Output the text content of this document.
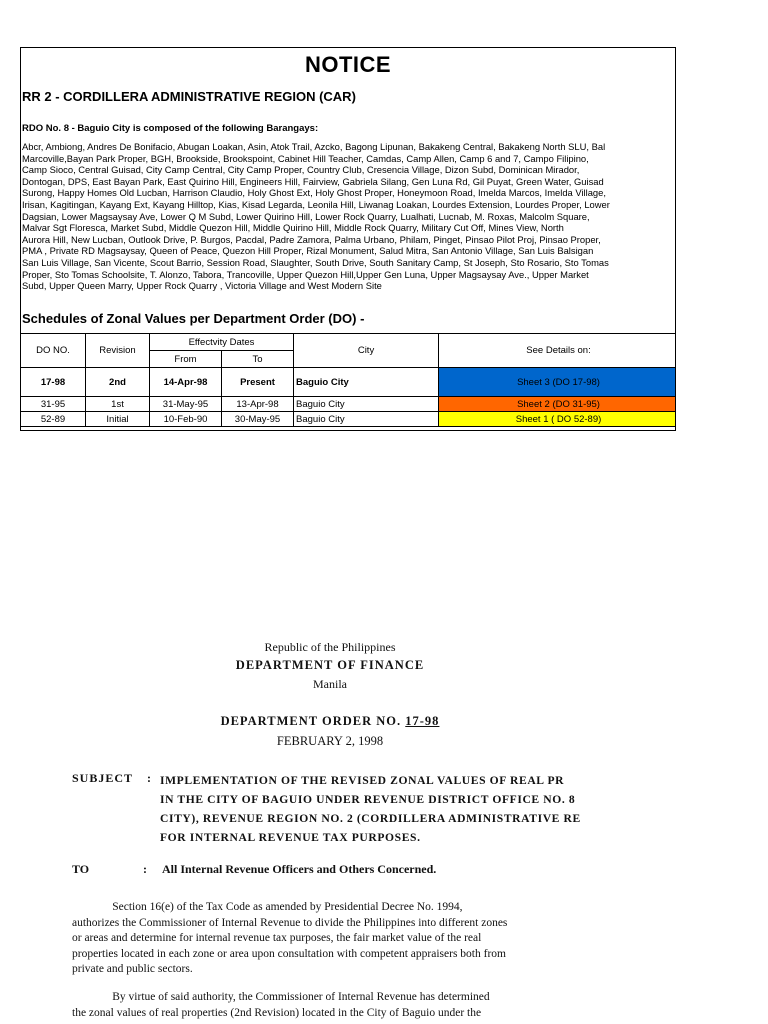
NOTICE
RR 2 - CORDILLERA ADMINISTRATIVE REGION (CAR)
RDO No. 8 - Baguio City is composed of the following Barangays:
Abcr, Ambiong, Andres De Bonifacio, Abugan Loakan, Asin, Atok Trail, Azcko, Bagong Lipunan, Bakakeng Central, Bakakeng North SLU, Bal
Marcoville,Bayan Park Proper, BGH, Brookside, Brookspoint, Cabinet Hill Teacher, Camdas, Camp Allen, Camp 6 and 7, Campo Filipino,
Camp Sioco, Central Guisad, City Camp Central, City Camp Proper, Country Club, Cresencia Village, Dizon Subd, Dominican Mirador,
Dontogan, DPS, East Bayan Park, East Quirino Hill, Engineers Hill, Fairview, Gabriela Silang, Gen Luna Rd, Gil Puyat, Green Water, Guisad
Surong, Happy Homes Old Lucban, Harrison Claudio, Holy Ghost Ext, Holy Ghost Proper, Honeymoon Road, Imelda Marcos, Imelda Village,
Irisan, Kagitingan, Kayang Ext, Kayang Hilltop, Kias, Kisad Legarda, Leonila Hill, Liwanag Loakan, Lourdes Extension, Lourdes Proper, Lower
Dagsian, Lower Magsaysay Ave, Lower Q M Subd, Lower Quirino Hill, Lower Rock Quarry, Lualhati, Lucnab, M. Roxas, Malcolm Square,
Malvar Sgt Floresca, Market Subd, Middle Quezon Hill, Middle Quirino Hill, Middle Rock Quarry, Military Cut Off, Mines View, North
Aurora Hill, New Lucban, Outlook Drive, P. Burgos, Pacdal, Padre Zamora, Palma Urbano, Philam, Pinget, Pinsao Pilot Proj, Pinsao Proper,
PMA , Private RD Magsaysay, Queen of Peace, Quezon Hill Proper, Rizal Monument, Salud Mitra, San Antonio Village, San Luis Balsigan
San Luis Village, San Vicente, Scout Barrio, Session Road, Slaughter, South Drive, South Sanitary Camp, St Joseph, Sto Rosario, Sto Tomas
Proper, Sto Tomas Schoolsite, T. Alonzo, Tabora, Trancoville, Upper Quezon Hill,Upper Gen Luna, Upper Magsaysay Ave., Upper Market
Subd, Upper Queen Marry, Upper Rock Quarry , Victoria Village and West Modern Site
Schedules of Zonal Values per Department Order (DO) -
DO NO.	Revision	Effectvity Dates		City	See Details on:
		From	To		
17-98	2nd	14-Apr-98	Present	Baguio City	Sheet 3 (DO 17-98)
31-95	1st	31-May-95	13-Apr-98	Baguio City	Sheet 2 (DO 31-95)
52-89	Initial	10-Feb-90	30-May-95	Baguio City	Sheet 1 ( DO 52-89)
Republic of the Philippines
DEPARTMENT OF FINANCE
Manila
DEPARTMENT ORDER NO. 17-98
FEBRUARY 2, 1998
SUBJECT : IMPLEMENTATION OF THE REVISED ZONAL VALUES OF REAL PR
IN THE CITY OF BAGUIO UNDER REVENUE DISTRICT OFFICE NO. 8
CITY), REVENUE REGION NO. 2 (CORDILLERA ADMINISTRATIVE RE
FOR INTERNAL REVENUE TAX PURPOSES.
TO	: All Internal Revenue Officers and Others Concerned.
Section 16(e) of the Tax Code as amended by Presidential Decree No. 1994,
authorizes the Commissioner of Internal Revenue to divide the Philippines into different zones
or areas and determine for internal revenue tax purposes, the fair market value of the real
properties located in each zone or area upon consultation with competent appraisers both from
private and public sectors.
By virtue of said authority, the Commissioner of Internal Revenue has determined
the zonal values of real properties (2nd Revision) located in the City of Baguio under the
